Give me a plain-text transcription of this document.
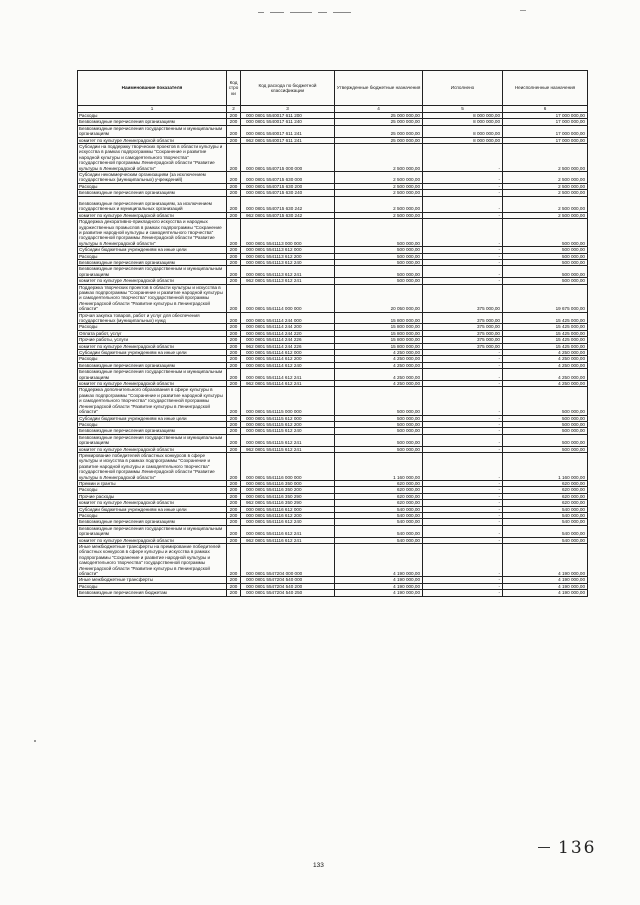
Наименование показателя	Код стро ки	Код расхода по бюджетной классификации	Утвержденные бюджетные назначения	Исполнено	Неисполненные назначения
1	2	3	4	5	6
Расходы	200	000 0801 5540017 611 200	25 000 000,00	8 000 000,00	17 000 000,00
Безвозмездные перечисления организациям	200	000 0801 5540017 611 240	25 000 000,00	8 000 000,00	17 000 000,00
Безвозмездные перечисления государственным и муниципальным организациям	200	000 0801 5540017 611 241	25 000 000,00	8 000 000,00	17 000 000,00
комитет по культуре Ленинградской области	200	962 0801 5540017 611 241	25 000 000,00	8 000 000,00	17 000 000,00
Субсидии на поддержку творческих проектов в области культуры и искусства в рамках подпрограммы "Сохранение и развитие народной культуры и самодеятельного творчества" государственной программы Ленинградской области "Развитие культуры в Ленинградской области"	200	000 0801 5540715 000 000	2 500 000,00	-	2 500 000,00
Субсидии некоммерческим организациям (за исключением государственных (муниципальных) учреждений)	200	000 0801 5540715 630 000	2 500 000,00	-	2 500 000,00
Расходы	200	000 0801 5540715 630 200	2 500 000,00	-	2 500 000,00
Безвозмездные перечисления организациям	200	000 0801 5540715 630 240	2 500 000,00	-	2 500 000,00
Безвозмездные перечисления организациям, за исключением государственных и муниципальных организаций	200	000 0801 5540715 630 242	2 500 000,00	-	2 500 000,00
комитет по культуре Ленинградской области	200	962 0801 5540715 630 242	2 500 000,00	-	2 500 000,00
Поддержка декоративно-прикладного искусства и народных художественных промыслов в рамках подпрограммы "Сохранение и развитие народной культуры и самодеятельного творчества" государственной программы Ленинградской области "Развитие культуры в Ленинградской области"	200	000 0801 5541113 000 000	500 000,00	-	500 000,00
Субсидии бюджетным учреждениям на иные цели	200	000 0801 5541113 612 000	500 000,00	-	500 000,00
Расходы	200	000 0801 5541113 612 200	500 000,00	-	500 000,00
Безвозмездные перечисления организациям	200	000 0801 5541113 612 240	500 000,00	-	500 000,00
Безвозмездные перечисления государственным и муниципальным организациям	200	000 0801 5541113 612 241	500 000,00	-	500 000,00
комитет по культуре Ленинградской области	200	962 0801 5541113 612 241	500 000,00	-	500 000,00
Поддержка творческих проектов в области культуры и искусства в рамках подпрограммы "Сохранение и развитие народной культуры и самодеятельного творчества" государственной программы Ленинградской области "Развитие культуры в Ленинградской области"	200	000 0801 5541114 000 000	20 050 000,00	375 000,00	19 675 000,00
Прочая закупка товаров, работ и услуг для обеспечения государственных (муниципальных) нужд	200	000 0801 5541114 244 000	15 800 000,00	375 000,00	15 425 000,00
Расходы	200	000 0801 5541114 244 200	15 800 000,00	375 000,00	15 425 000,00
Оплата работ, услуг	200	000 0801 5541114 244 220	15 800 000,00	375 000,00	15 425 000,00
Прочие работы, услуги	200	000 0801 5541114 244 226	15 800 000,00	375 000,00	15 425 000,00
комитет по культуре Ленинградской области	200	962 0801 5541114 244 226	15 800 000,00	375 000,00	15 425 000,00
Субсидии бюджетным учреждениям на иные цели	200	000 0801 5541114 612 000	4 250 000,00	-	4 250 000,00
Расходы	200	000 0801 5541114 612 200	4 250 000,00	-	4 250 000,00
Безвозмездные перечисления организациям	200	000 0801 5541114 612 240	4 250 000,00	-	4 250 000,00
Безвозмездные перечисления государственным и муниципальным организациям	200	000 0801 5541114 612 241	4 250 000,00	-	4 250 000,00
комитет по культуре Ленинградской области	200	962 0801 5541114 612 241	4 250 000,00	-	4 250 000,00
Поддержка дополнительного образования в сфере культуры в рамках подпрограммы "Сохранение и развитие народной культуры и самодеятельного творчества" государственной программы Ленинградской области "Развитие культуры в Ленинградской области"	200	000 0801 5541115 000 000	500 000,00	-	500 000,00
Субсидии бюджетным учреждениям на иные цели	200	000 0801 5541115 612 000	500 000,00	-	500 000,00
Расходы	200	000 0801 5541115 612 200	500 000,00	-	500 000,00
Безвозмездные перечисления организациям	200	000 0801 5541115 612 240	500 000,00	-	500 000,00
Безвозмездные перечисления государственным и муниципальным организациям	200	000 0801 5541115 612 241	500 000,00	-	500 000,00
комитет по культуре Ленинградской области	200	962 0801 5541115 612 241	500 000,00	-	500 000,00
Премирование победителей областных конкурсов в сфере культуры и искусства в рамках подпрограммы "Сохранение и развитие народной культуры и самодеятельного творчества" государственной программы Ленинградской области "Развитие культуры в Ленинградской области"	200	000 0801 5541116 000 000	1 160 000,00	-	1 160 000,00
Премии и гранты	200	000 0801 5541116 350 000	620 000,00	-	620 000,00
Расходы	200	000 0801 5541116 350 200	620 000,00	-	620 000,00
Прочие расходы	200	000 0801 5541116 350 290	620 000,00	-	620 000,00
комитет по культуре Ленинградской области	200	962 0801 5541116 350 290	620 000,00	-	620 000,00
Субсидии бюджетным учреждениям на иные цели	200	000 0801 5541116 612 000	540 000,00	-	540 000,00
Расходы	200	000 0801 5541116 612 200	540 000,00	-	540 000,00
Безвозмездные перечисления организациям	200	000 0801 5541116 612 240	540 000,00	-	540 000,00
Безвозмездные перечисления государственным и муниципальным организациям	200	000 0801 5541116 612 241	540 000,00	-	540 000,00
комитет по культуре Ленинградской области	200	962 0801 5541116 612 241	540 000,00	-	540 000,00
Иные межбюджетные трансферты на премирование победителей областных конкурсов в сфере культуры и искусства в рамках подпрограммы "Сохранение и развитие народной культуры и самодеятельного творчества" государственной программы Ленинградской области "Развитие культуры в Ленинградской области"	200	000 0801 5547204 000 000	4 190 000,00	-	4 190 000,00
Иные межбюджетные трансферты	200	000 0801 5547204 540 000	4 190 000,00	-	4 190 000,00
Расходы	200	000 0801 5547204 540 200	4 190 000,00	-	4 190 000,00
Безвозмездные перечисления бюджетам	200	000 0801 5547204 540 250	4 190 000,00	-	4 190 000,00
133
136
